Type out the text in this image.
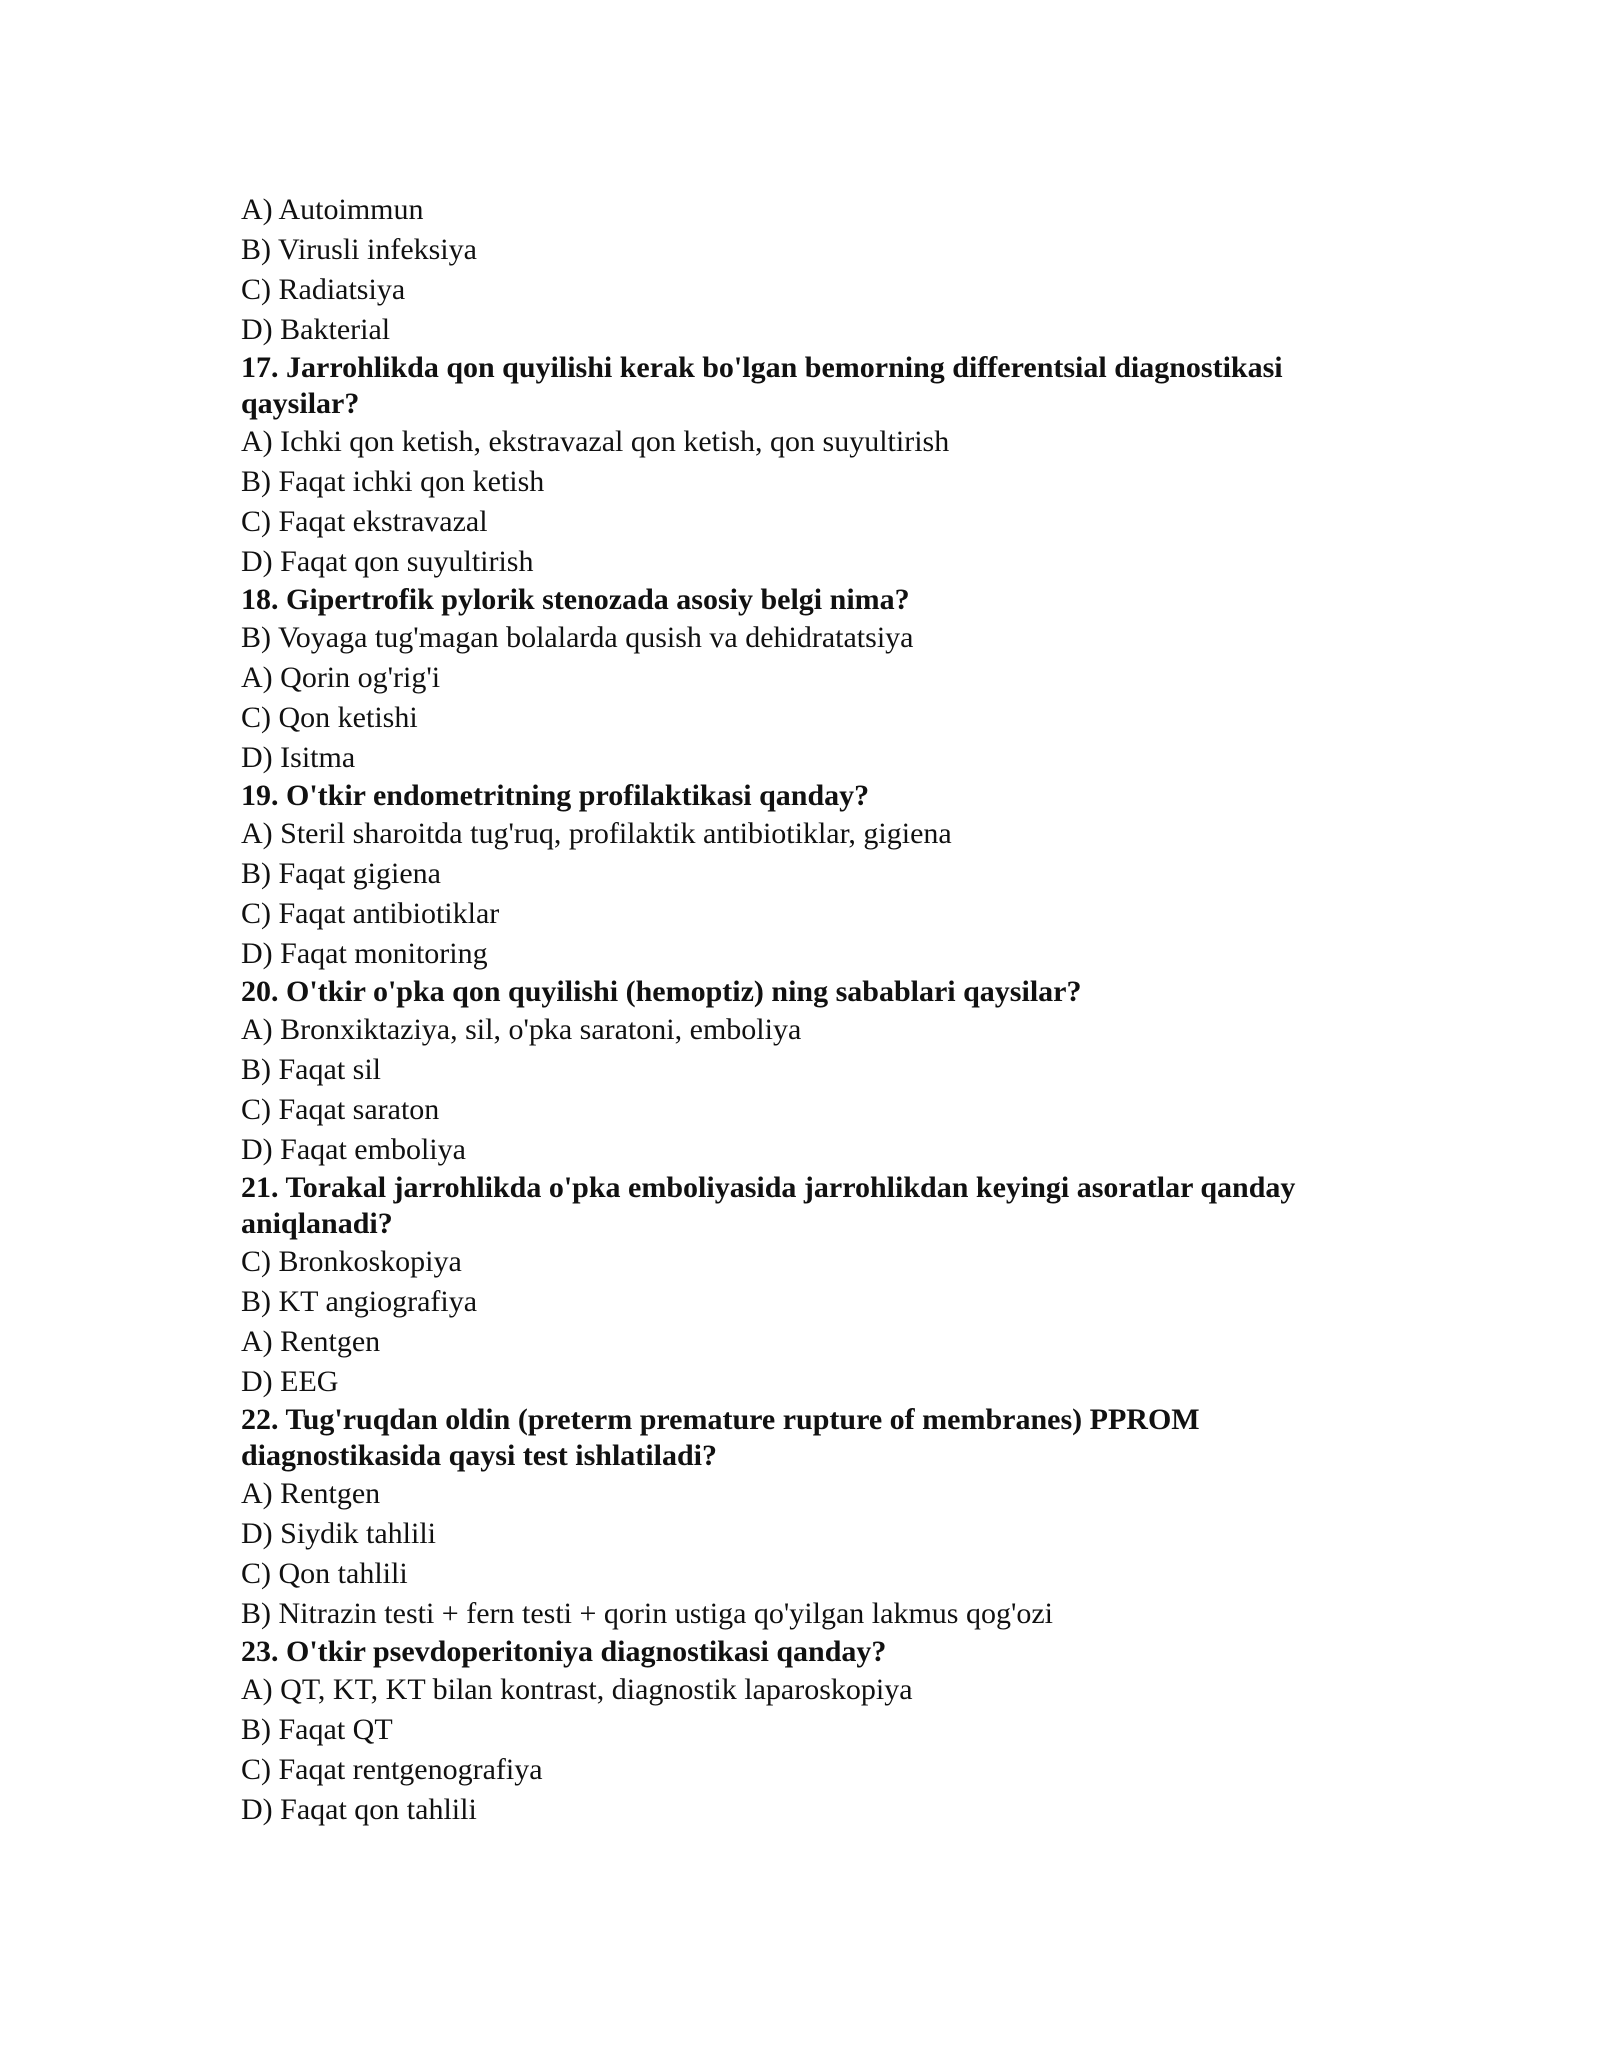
A) Autoimmun

B) Virusli infeksiya

C) Radiatsiya

D) Bakterial

17. Jarrohlikda qon quyilishi kerak bo'lgan bemorning differentsial diagnostikasi qaysilar?

A) Ichki qon ketish, ekstravazal qon ketish, qon suyultirish

B) Faqat ichki qon ketish

C) Faqat ekstravazal

D) Faqat qon suyultirish

18. Gipertrofik pylorik stenozada asosiy belgi nima?

B) Voyaga tug'magan bolalarda qusish va dehidratatsiya

A) Qorin og'rig'i

C) Qon ketishi

D) Isitma

19. O'tkir endometritning profilaktikasi qanday?

A) Steril sharoitda tug'ruq, profilaktik antibiotiklar, gigiena

B) Faqat gigiena

C) Faqat antibiotiklar

D) Faqat monitoring

20. O'tkir o'pka qon quyilishi (hemoptiz) ning sabablari qaysilar?

A) Bronxiktaziya, sil, o'pka saratoni, emboliya

B) Faqat sil

C) Faqat saraton

D) Faqat emboliya

21. Torakal jarrohlikda o'pka emboliyasida jarrohlikdan keyingi asoratlar qanday aniqlanadi?

C) Bronkoskopiya

B) KT angiografiya

A) Rentgen

D) EEG

22. Tug'ruqdan oldin (preterm premature rupture of membranes) PPROM diagnostikasida qaysi test ishlatiladi?

A) Rentgen

D) Siydik tahlili

C) Qon tahlili

B) Nitrazin testi + fern testi + qorin ustiga qo'yilgan lakmus qog'ozi

23. O'tkir psevdoperitoniya diagnostikasi qanday?

A) QT, KT, KT bilan kontrast, diagnostik laparoskopiya

B) Faqat QT

C) Faqat rentgenografiya

D) Faqat qon tahlili
